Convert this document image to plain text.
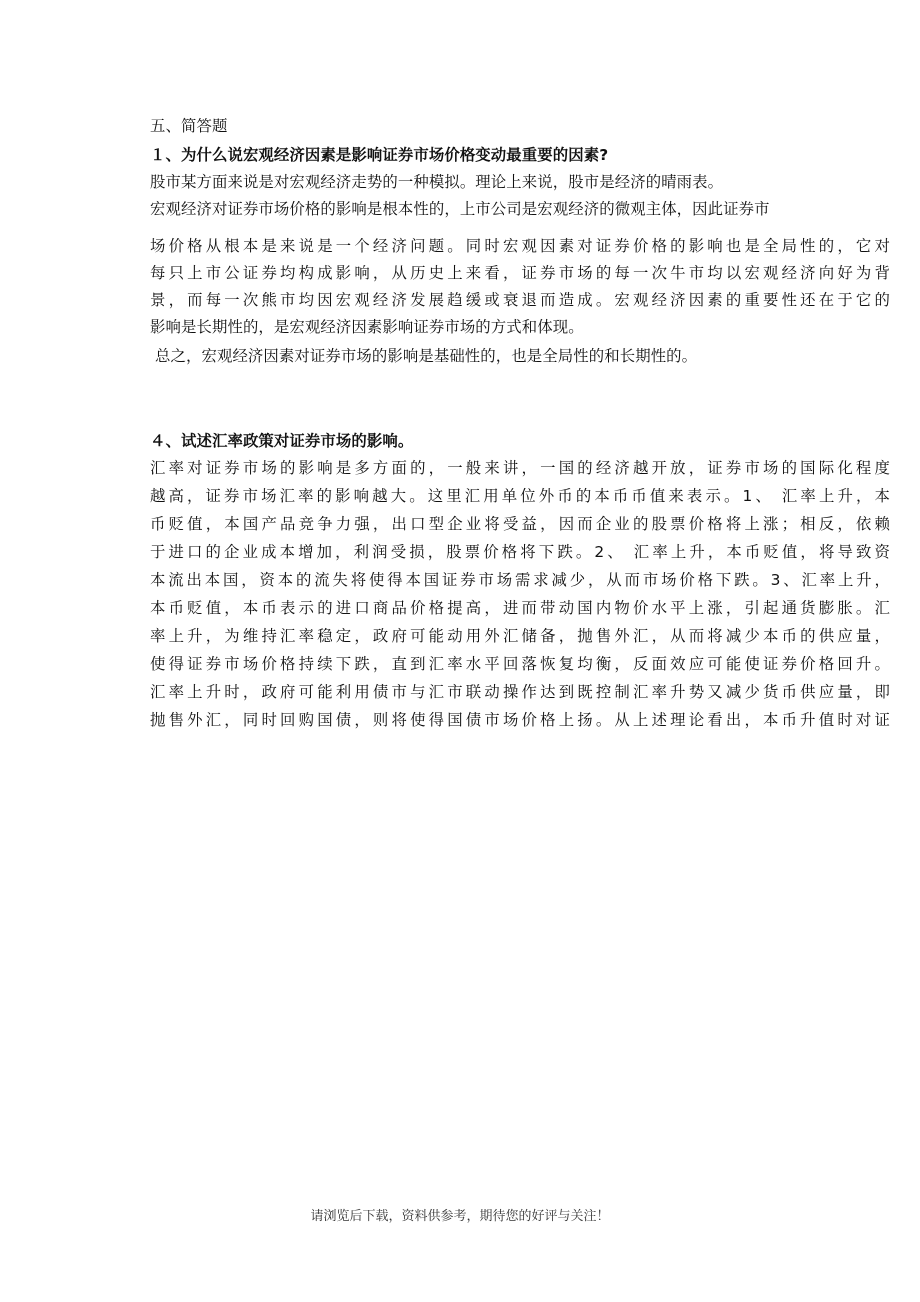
五、简答题

１、为什么说宏观经济因素是影响证券市场价格变动最重要的因素?

股市某方面来说是对宏观经济走势的一种模拟。理论上来说，股市是经济的晴雨表。

宏观经济对证券市场价格的影响是根本性的，上市公司是宏观经济的微观主体，因此证券市

场价格从根本是来说是一个经济问题。同时宏观因素对证券价格的影响也是全局性的，它对

每只上市公证券均构成影响，从历史上来看，证券市场的每一次牛市均以宏观经济向好为背

景，而每一次熊市均因宏观经济发展趋缓或衰退而造成。宏观经济因素的重要性还在于它的

影响是长期性的，是宏观经济因素影响证券市场的方式和体现。

总之，宏观经济因素对证券市场的影响是基础性的，也是全局性的和长期性的。

４、试述汇率政策对证券市场的影响。

汇率对证券市场的影响是多方面的，一般来讲，一国的经济越开放，证券市场的国际化程度

越高，证券市场汇率的影响越大。这里汇用单位外币的本币币值来表示。1、 汇率上升，本

币贬值，本国产品竞争力强，出口型企业将受益，因而企业的股票价格将上涨；相反，依赖

于进口的企业成本增加，利润受损，股票价格将下跌。2、 汇率上升，本币贬值，将导致资

本流出本国，资本的流失将使得本国证券市场需求减少，从而市场价格下跌。3、汇率上升，

本币贬值，本币表示的进口商品价格提高，进而带动国内物价水平上涨，引起通货膨胀。汇

率上升，为维持汇率稳定，政府可能动用外汇储备，抛售外汇，从而将减少本币的供应量，

使得证券市场价格持续下跌，直到汇率水平回落恢复均衡，反面效应可能使证券价格回升。

汇率上升时，政府可能利用债市与汇市联动操作达到既控制汇率升势又减少货币供应量，即

抛售外汇，同时回购国债，则将使得国债市场价格上扬。从上述理论看出，本币升值时对证

请浏览后下载，资料供参考，期待您的好评与关注！
